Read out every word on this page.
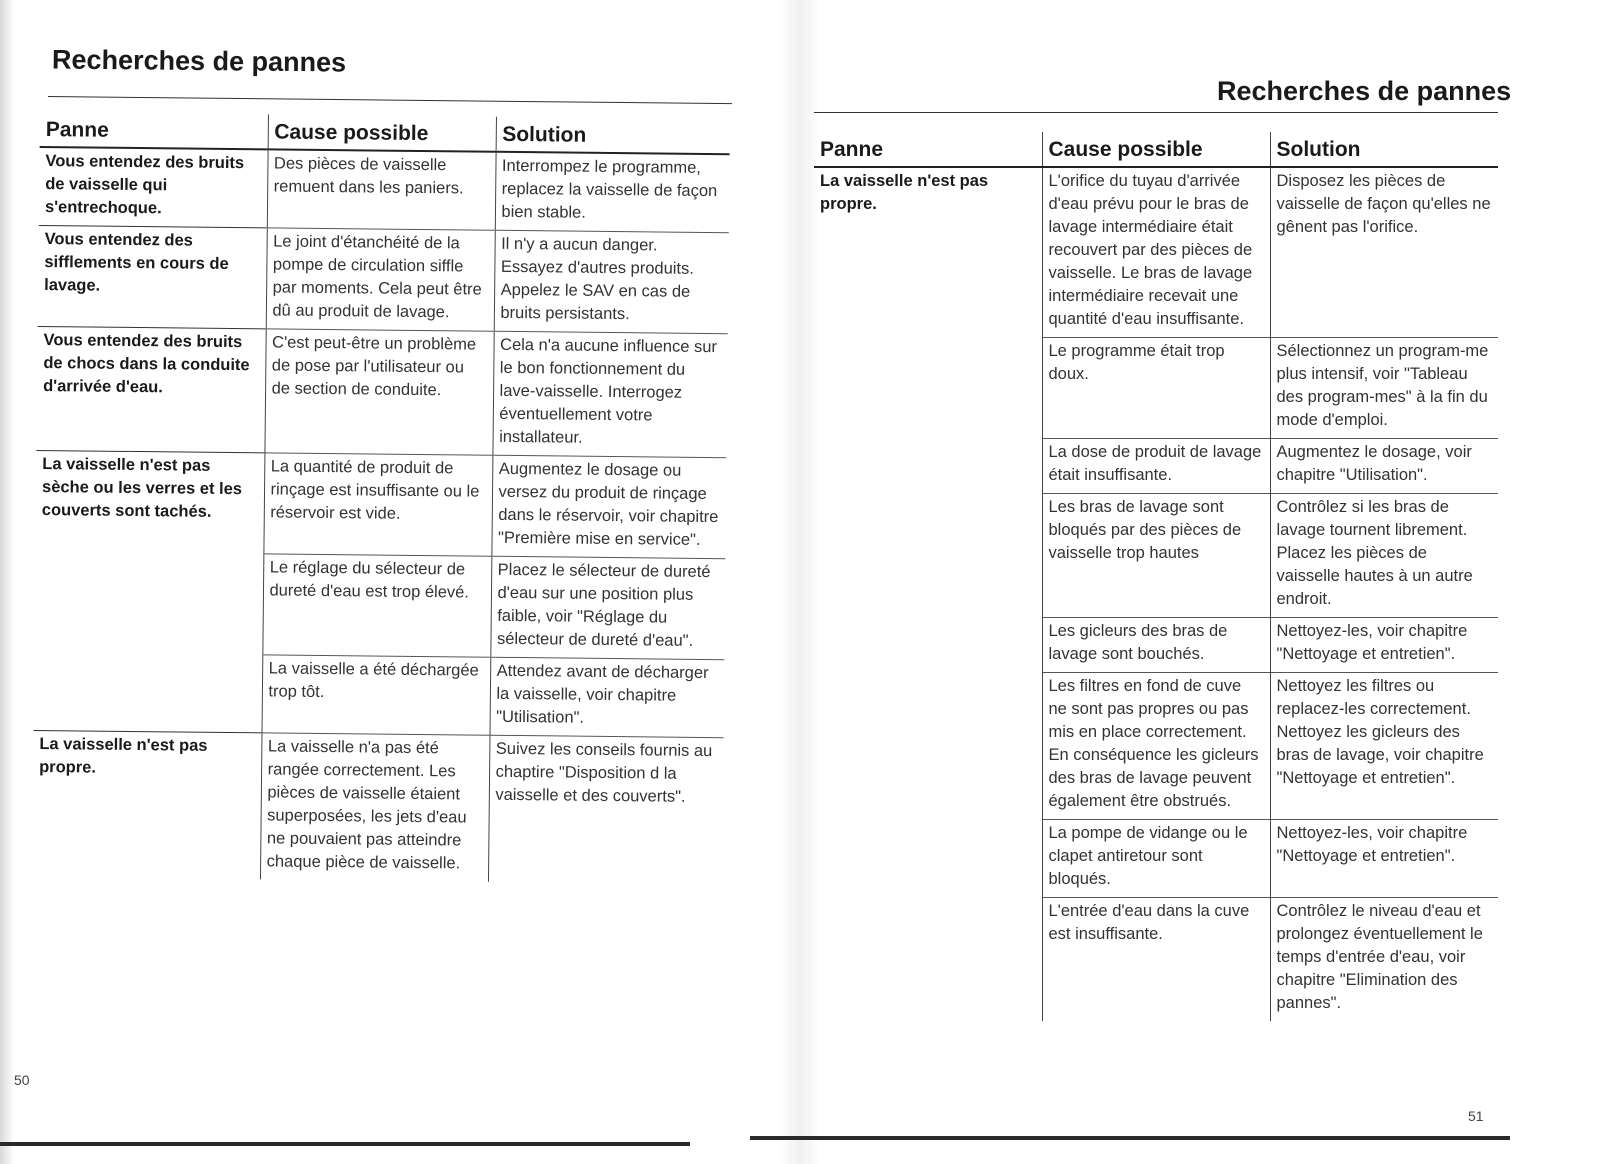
Recherches de pannes
Panne	Cause possible	Solution
Vous entendez des bruits de vaisselle qui s'entrechoque.	Des pièces de vaisselle remuent dans les paniers.	Interrompez le programme, replacez la vaisselle de façon bien stable.
Vous entendez des sifflements en cours de lavage.	Le joint d'étanchéité de la pompe de circulation siffle par moments. Cela peut être dû au produit de lavage.	Il n'y a aucun danger. Essayez d'autres produits. Appelez le SAV en cas de bruits persistants.
Vous entendez des bruits de chocs dans la conduite d'arrivée d'eau.	C'est peut-être un problème de pose par l'utilisateur ou de section de conduite.	Cela n'a aucune influence sur le bon fonctionnement du lave-vaisselle. Interrogez éventuellement votre installateur.
La vaisselle n'est pas sèche ou les verres et les couverts sont tachés.	La quantité de produit de rinçage est insuffisante ou le réservoir est vide.	Augmentez le dosage ou versez du produit de rinçage dans le réservoir, voir chapitre "Première mise en service".
	Le réglage du sélecteur de dureté d'eau est trop élevé.	Placez le sélecteur de dureté d'eau sur une position plus faible, voir "Réglage du sélecteur de dureté d'eau".
	La vaisselle a été déchargée trop tôt.	Attendez avant de décharger la vaisselle, voir chapitre "Utilisation".
La vaisselle n'est pas propre.	La vaisselle n'a pas été rangée correctement. Les pièces de vaisselle étaient superposées, les jets d'eau ne pouvaient pas atteindre chaque pièce de vaisselle.	Suivez les conseils fournis au chaptire "Disposition d la vaisselle et des couverts".
50
Recherches de pannes
Panne	Cause possible	Solution
La vaisselle n'est pas propre.	L'orifice du tuyau d'arrivée d'eau prévu pour le bras de lavage intermédiaire était recouvert par des pièces de vaisselle. Le bras de lavage intermédiaire recevait une quantité d'eau insuffisante.	Disposez les pièces de vaisselle de façon qu'elles ne gênent pas l'orifice.
	Le programme était trop doux.	Sélectionnez un program-me plus intensif, voir "Tableau des program-mes" à la fin du mode d'emploi.
	La dose de produit de lavage était insuffisante.	Augmentez le dosage, voir chapitre "Utilisation".
	Les bras de lavage sont bloqués par des pièces de vaisselle trop hautes	Contrôlez si les bras de lavage tournent librement. Placez les pièces de vaisselle hautes à un autre endroit.
	Les gicleurs des bras de lavage sont bouchés.	Nettoyez-les, voir chapitre "Nettoyage et entretien".
	Les filtres en fond de cuve ne sont pas propres ou pas mis en place correctement. En conséquence les gicleurs des bras de lavage peuvent également être obstrués.	Nettoyez les filtres ou replacez-les correctement. Nettoyez les gicleurs des bras de lavage, voir chapitre "Nettoyage et entretien".
	La pompe de vidange ou le clapet antiretour sont bloqués.	Nettoyez-les, voir chapitre "Nettoyage et entretien".
	L'entrée d'eau dans la cuve est insuffisante.	Contrôlez le niveau d'eau et prolongez éventuellement le temps d'entrée d'eau, voir chapitre "Elimination des pannes".
51
